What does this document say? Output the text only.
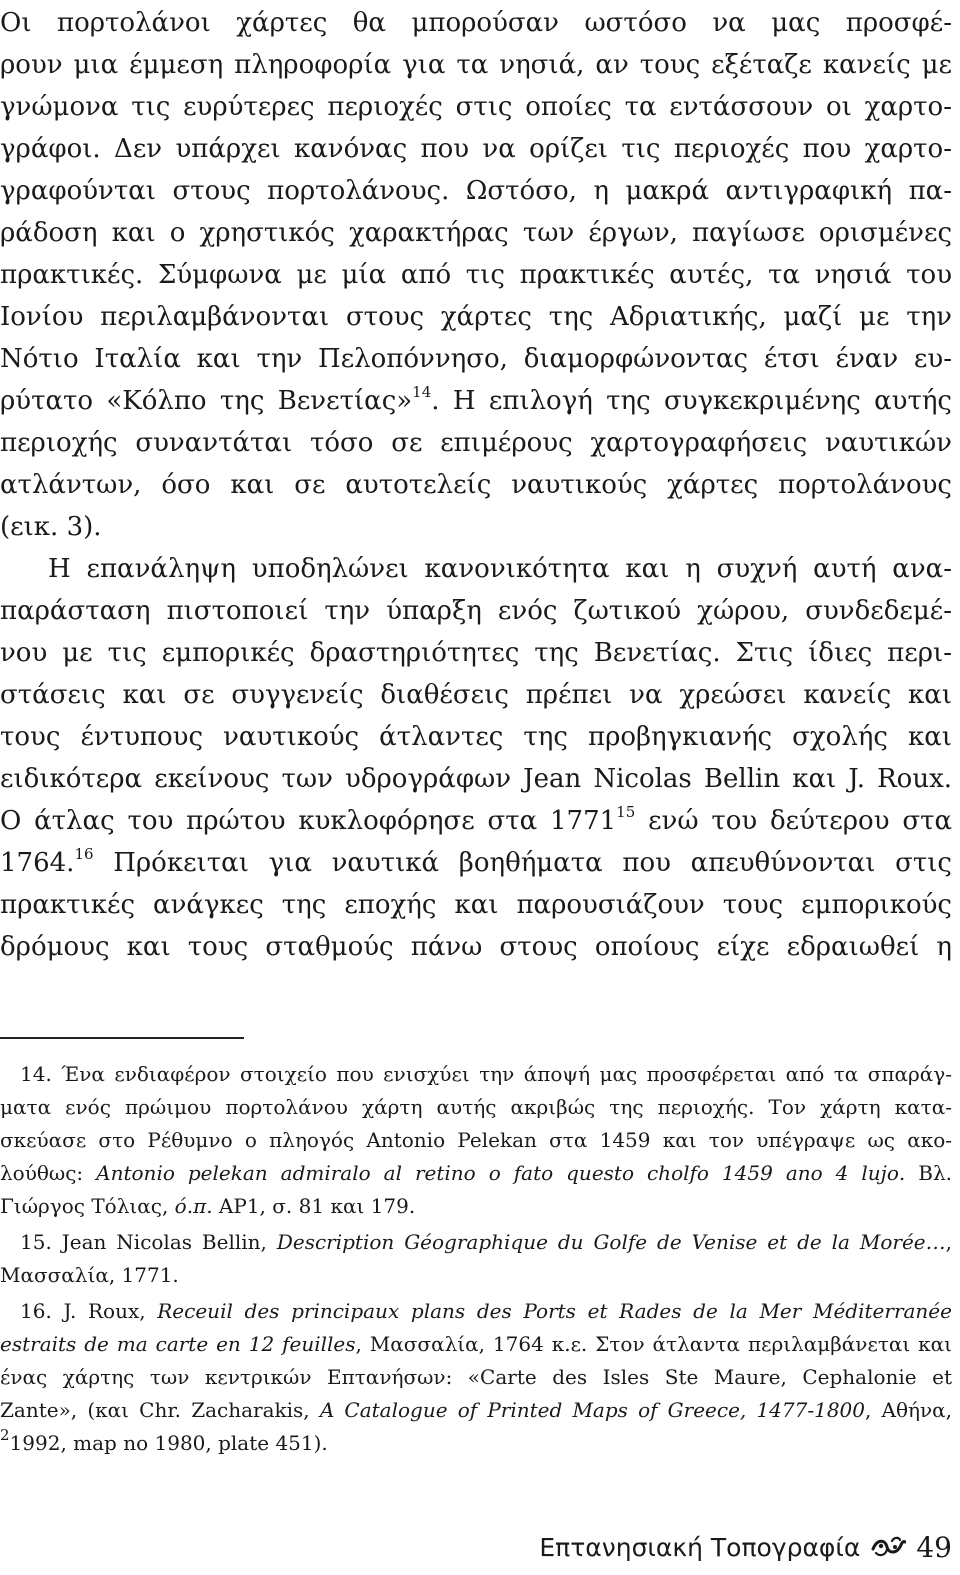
Οι πορτολάνοι χάρτες θα μπορούσαν ωστόσο να μας προσφέ-
ρουν μια έμμεση πληροφορία για τα νησιά, αν τους εξέταζε κανείς με
γνώμονα τις ευρύτερες περιοχές στις οποίες τα εντάσσουν οι χαρτο-
γράφοι. Δεν υπάρχει κανόνας που να ορίζει τις περιοχές που χαρτο-
γραφούνται στους πορτολάνους. Ωστόσο, η μακρά αντιγραφική πα-
ράδοση και ο χρηστικός χαρακτήρας των έργων, παγίωσε ορισμένες
πρακτικές. Σύμφωνα με μία από τις πρακτικές αυτές, τα νησιά του
Ιονίου περιλαμβάνονται στους χάρτες της Αδριατικής, μαζί με την
Νότιο Ιταλία και την Πελοπόννησο, διαμορφώνοντας έτσι έναν ευ-
ρύτατο «Κόλπο της Βενετίας»$^{14}$. Η επιλογή της συγκεκριμένης αυτής
περιοχής συναντάται τόσο σε επιμέρους χαρτογραφήσεις ναυτικών
ατλάντων, όσο και σε αυτοτελείς ναυτικούς χάρτες πορτολάνους
(εικ. 3).
Η επανάληψη υποδηλώνει κανονικότητα και η συχνή αυτή ανα-
παράσταση πιστοποιεί την ύπαρξη ενός ζωτικού χώρου, συνδεδεμέ-
νου με τις εμπορικές δραστηριότητες της Βενετίας. Στις ίδιες περι-
στάσεις και σε συγγενείς διαθέσεις πρέπει να χρεώσει κανείς και
τους έντυπους ναυτικούς άτλαντες της προβηγκιανής σχολής και
ειδικότερα εκείνους των υδρογράφων Jean Nicolas Bellin και J. Roux.
Ο άτλας του πρώτου κυκλοφόρησε στα 1771$^{15}$ ενώ του δεύτερου στα
1764.16 Πρόκειται για ναυτικά βοηθήματα που απευθύνονται στις
πρακτικές ανάγκες της εποχής και παρουσιάζουν τους εμπορικούς
δρόμους και τους σταθμούς πάνω στους οποίους είχε εδραιωθεί η
14. Ένα ενδιαφέρον στοιχείο που ενισχύει την άποψή μας προσφέρεται από τα σπαράγ-
ματα ενός πρώιμου πορτολάνου χάρτη αυτής ακριβώς της περιοχής. Τον χάρτη κατα-
σκεύασε στο Ρέθυμνο ο πληογός Antonio Pelekan στα 1459 και τον υπέγραψε ως ακο-
λούθως: Antonio pelekan admiralo al retino o fato questo cholfo 1459 ano 4 lujo. Βλ.
Γιώργος Τόλιας, ό.π. ΑΡ1, σ. 81 και 179.
15. Jean Nicolas Bellin, Description Géographique du Golfe de Venise et de la Morée…,
Μασσαλία, 1771.
16. J. Roux, Receuil des principaux plans des Ports et Rades de la Mer Méditerranée
estraits de ma carte en 12 feuilles, Μασσαλία, 1764 κ.ε. Στον άτλαντα περιλαμβάνεται και
ένας χάρτης των κεντρικών Επτανήσων: «Carte des Isles Ste Maure, Cephalonie et
Zante», (και Chr. Zacharakis, A Catalogue of Printed Maps of Greece, 1477-1800, Αθήνα,
$^2$1992, map no 1980, plate 451).
Επτανησιακή Τοπογραφία 49
